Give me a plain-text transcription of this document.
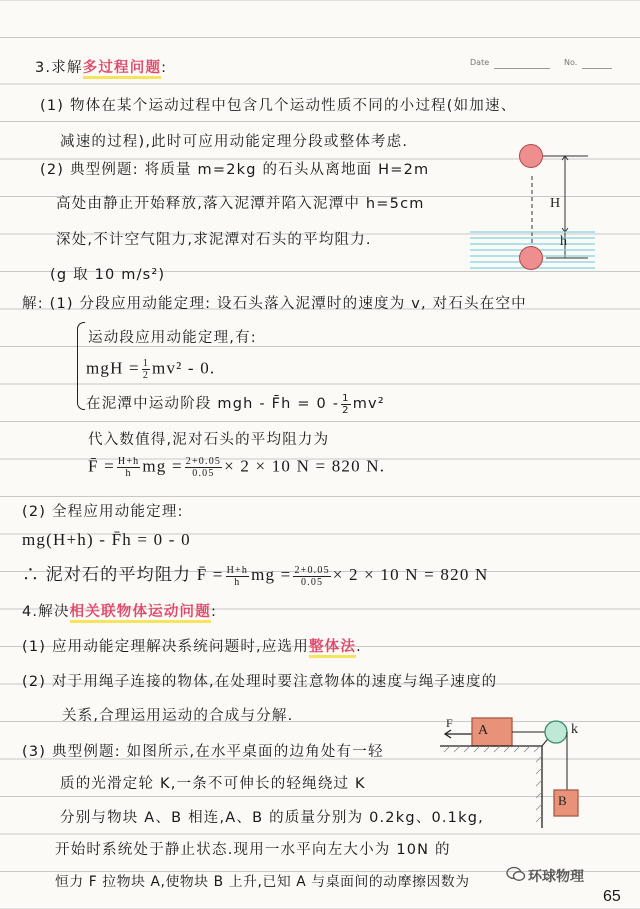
Date	No.
3.求解多过程问题:
(1) 物体在某个运动过程中包含几个运动性质不同的小过程(如加速、
减速的过程),此时可应用动能定理分段或整体考虑.
(2) 典型例题: 将质量 m=2kg 的石头从离地面 H=2m
高处由静止开始释放,落入泥潭并陷入泥潭中 h=5cm
深处,不计空气阻力,求泥潭对石头的平均阻力.
(g 取 10 m/s²)
H
h
解: (1) 分段应用动能定理: 设石头落入泥潭时的速度为 v, 对石头在空中
运动段应用动能定理,有:
mgH = $\frac{1}{2} mv^2 - 0$.
在泥潭中运动阶段 mgh - F̄h = $0 - \frac{1}{2} mv^2$
代入数值得,泥对石头的平均阻力为
F̄ = $\frac{H+h}{h}$ mg = $\frac{2+0.05}{0.05} \times 2 \times 10$ N = 820 N.
(2) 全程应用动能定理:
mg(H+h) - F̄h = 0 - 0
∴ 泥对石的平均阻力 F̄ = $\frac{H+h}{h}$ mg = $\frac{2+0.05}{0.05} \times 2 \times 10$ N = 820 N
4.解决相关联物体运动问题:
(1) 应用动能定理解决系统问题时,应选用整体法.
(2) 对于用绳子连接的物体,在处理时要注意物体的速度与绳子速度的
关系,合理运用运动的合成与分解.
(3) 典型例题: 如图所示,在水平桌面的边角处有一轻
质的光滑定轮 K,一条不可伸长的轻绳绕过 K
分别与物块 A、B 相连,A、B 的质量分别为 0.2kg、0.1kg,
开始时系统处于静止状态.现用一水平向左大小为 10N 的
恒力 F 拉物块 A,使物块 B 上升,已知 A 与桌面间的动摩擦因数为
F A	k
B
环球物理
65
